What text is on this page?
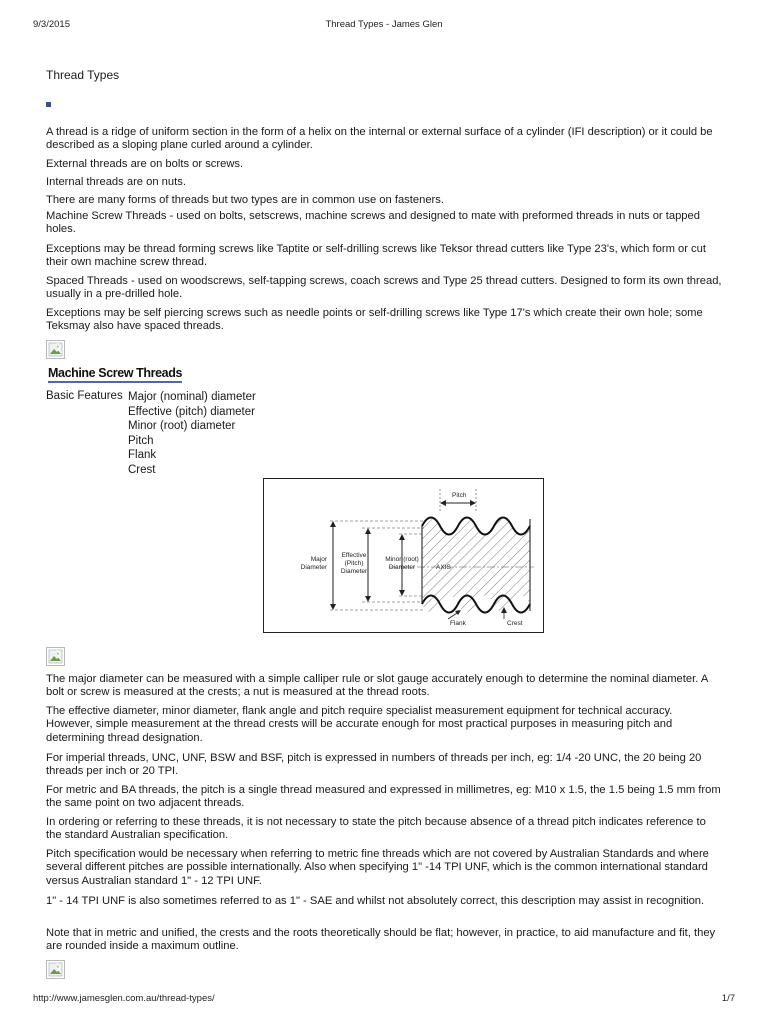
9/3/2015	Thread Types - James Glen
Thread Types

A thread is a ridge of uniform section in the form of a helix on the internal or external surface of a cylinder (IFI description) or it could be described as a sloping plane curled around a cylinder.

External threads are on bolts or screws.

Internal threads are on nuts.

There are many forms of threads but two types are in common use on fasteners.

Machine Screw Threads - used on bolts, setscrews, machine screws and designed to mate with preformed threads in nuts or tapped holes.

Exceptions may be thread forming screws like Taptite or self-drilling screws like Teksor thread cutters like Type 23's, which form or cut their own machine screw thread.

Spaced Threads - used on woodscrews, self-tapping screws, coach screws and Type 25 thread cutters. Designed to form its own thread, usually in a pre-drilled hole.

Exceptions may be self piercing screws such as needle points or self-drilling screws like Type 17's which create their own hole; some Teksmay also have spaced threads.

Machine Screw Threads
Basic Features Major (nominal) diameter
Effective (pitch) diameter
Minor (root) diameter
Pitch
Flank
Crest
Pitch
Major
Diameter
Effective
(Pitch)
Diameter
Minor (root)
Diameter	AXIS
Flank	Crest

The major diameter can be measured with a simple calliper rule or slot gauge accurately enough to determine the nominal diameter. A bolt or screw is measured at the crests; a nut is measured at the thread roots.

The effective diameter, minor diameter, flank angle and pitch require specialist measurement equipment for technical accuracy. However, simple measurement at the thread crests will be accurate enough for most practical purposes in measuring pitch and determining thread designation.

For imperial threads, UNC, UNF, BSW and BSF, pitch is expressed in numbers of threads per inch, eg: 1/4 -20 UNC, the 20 being 20 threads per inch or 20 TPI.

For metric and BA threads, the pitch is a single thread measured and expressed in millimetres, eg: M10 x 1.5, the 1.5 being 1.5 mm from the same point on two adjacent threads.

In ordering or referring to these threads, it is not necessary to state the pitch because absence of a thread pitch indicates reference to the standard Australian specification.

Pitch specification would be necessary when referring to metric fine threads which are not covered by Australian Standards and where several different pitches are possible internationally. Also when specifying 1" -14 TPI UNF, which is the common international standard versus Australian standard 1" - 12 TPI UNF.

1" - 14 TPI UNF is also sometimes referred to as 1" - SAE and whilst not absolutely correct, this description may assist in recognition.

Note that in metric and unified, the crests and the roots theoretically should be flat; however, in practice, to aid manufacture and fit, they are rounded inside a maximum outline.

http://www.jamesglen.com.au/thread-types/	1/7
